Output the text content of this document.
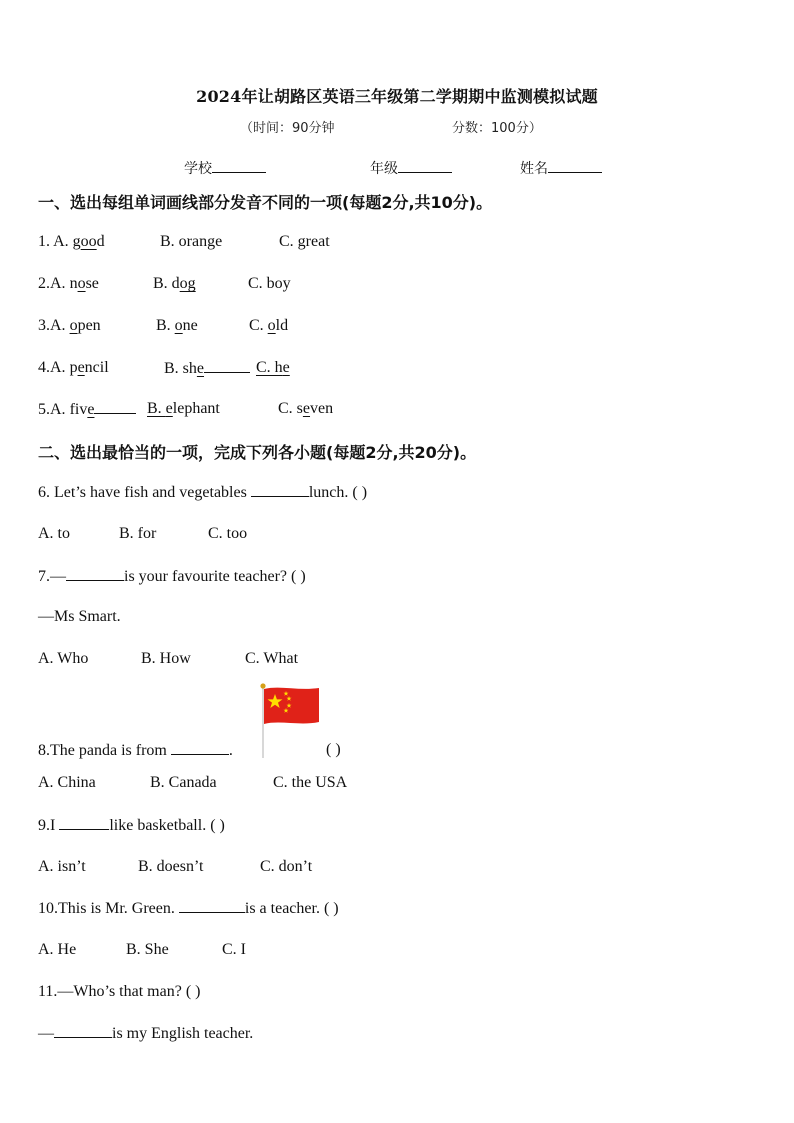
2024年让胡路区英语三年级第二学期期中监测模拟试题
（时间：90分钟	分数：100分）
学校	年级	姓名
一、选出每组单词画线部分发音不同的一项(每题2分,共10分)。
1. A. good	B. orange	C. great
2.A. nose	B. dog	C. boy
3.A. open	B. one	C. old
4.A. pencil	B. she	C. he
5.A. five	B. elephant	C. seven
二、选出最恰当的一项，完成下列各小题(每题2分,共20分)。
6. Let’s have fish and vegetables	lunch. ( )
A. to	B. for	C. too
7.—	is your favourite teacher? ( )
—Ms Smart.
A. Who	B. How	C. What
8.The panda is from	.	( )
A. China	B. Canada	C. the USA
9.I	like basketball. ( )
A. isn’t	B. doesn’t	C. don’t
10.This is Mr. Green.	is a teacher. ( )
A. He	B. She	C. I
11.—Who’s that man? ( )
—	is my English teacher.
